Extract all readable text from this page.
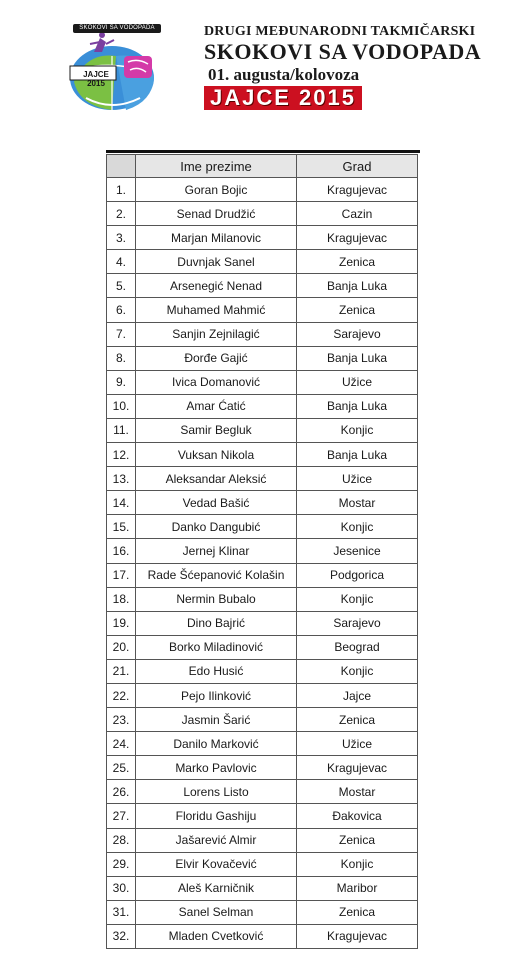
SKOKOVI SA VODOPADA
JAJCE 2015
DRUGI MEĐUNARODNI TAKMIČARSKI
SKOKOVI SA VODOPADA
01. augusta/kolovoza
JAJCE 2015
	Ime prezime	Grad
1.	Goran Bojic	Kragujevac
2.	Senad Drudžić	Cazin
3.	Marjan Milanovic	Kragujevac
4.	Duvnjak Sanel	Zenica
5.	Arsenegić Nenad	Banja Luka
6.	Muhamed Mahmić	Zenica
7.	Sanjin Zejnilagić	Sarajevo
8.	Đorđe Gajić	Banja Luka
9.	Ivica Domanović	Užice
10.	Amar Ćatić	Banja Luka
11.	Samir Begluk	Konjic
12.	Vuksan Nikola	Banja Luka
13.	Aleksandar Aleksić	Užice
14.	Vedad Bašić	Mostar
15.	Danko Dangubić	Konjic
16.	Jernej Klinar	Jesenice
17.	Rade Šćepanović Kolašin	Podgorica
18.	Nermin Bubalo	Konjic
19.	Dino Bajrić	Sarajevo
20.	Borko Miladinović	Beograd
21.	Edo Husić	Konjic
22.	Pejo Ilinković	Jajce
23.	Jasmin Šarić	Zenica
24.	Danilo Marković	Užice
25.	Marko Pavlovic	Kragujevac
26.	Lorens Listo	Mostar
27.	Floridu Gashiju	Đakovica
28.	Jašarević Almir	Zenica
29.	Elvir Kovačević	Konjic
30.	Aleš Karničnik	Maribor
31.	Sanel Selman	Zenica
32.	Mladen Cvetković	Kragujevac
